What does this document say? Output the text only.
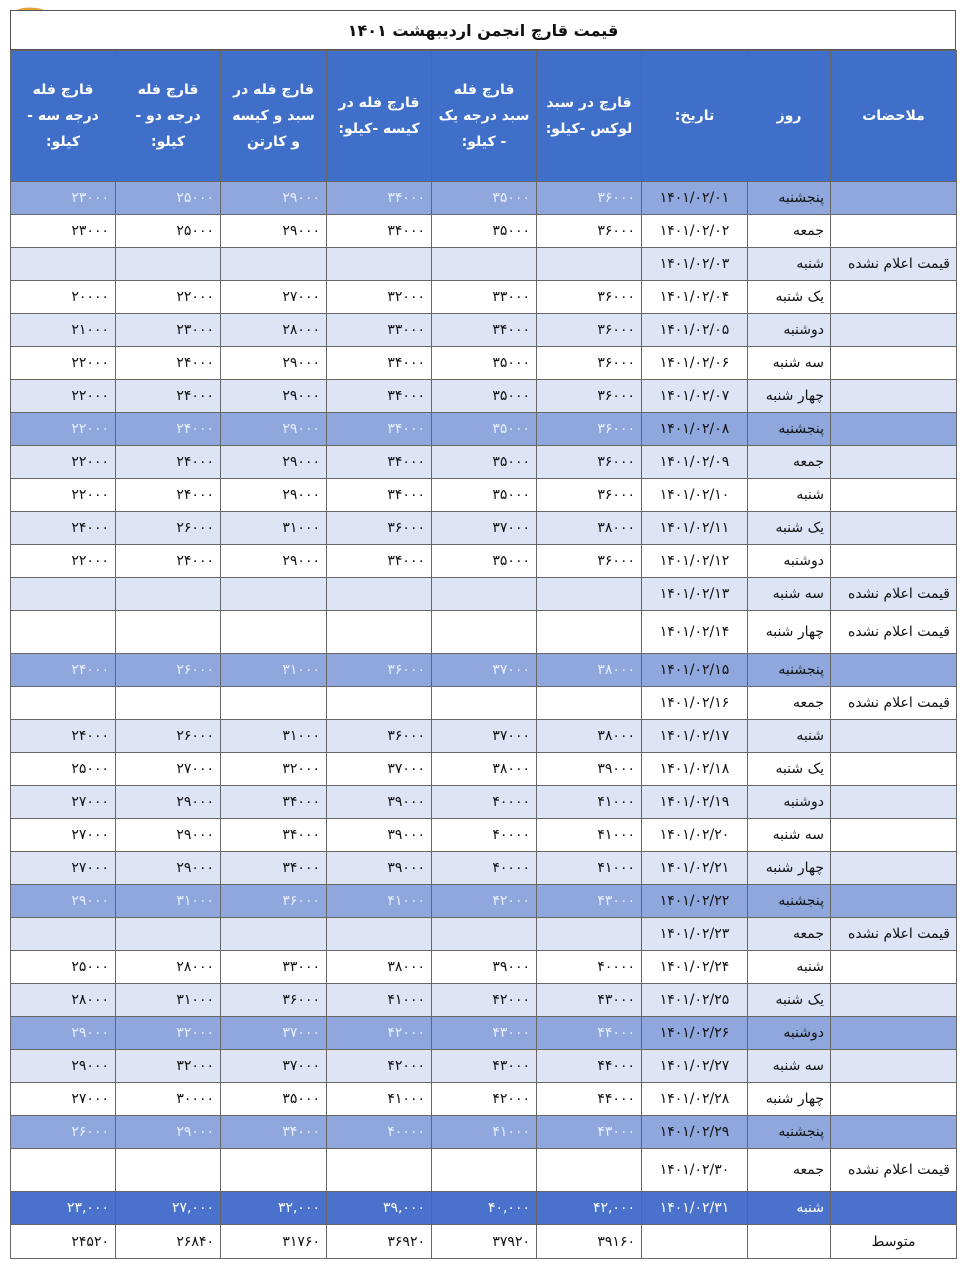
قیمت قارچ انجمن اردیبهشت ۱۴۰۱
ملاحضات	روز	تاریخ:	قارچ در سبد لوکس -کیلو:	قارچ فله سبد درجه یک - کیلو:	قارچ فله در کیسه -کیلو:	قارچ فله در سبد و کیسه و کارتن	قارچ فله درجه دو - کیلو:	قارچ فله درجه سه - کیلو:
	پنجشنبه	۱۴۰۱/۰۲/۰۱	۳۶۰۰۰	۳۵۰۰۰	۳۴۰۰۰	۲۹۰۰۰	۲۵۰۰۰	۲۳۰۰۰
	جمعه	۱۴۰۱/۰۲/۰۲	۳۶۰۰۰	۳۵۰۰۰	۳۴۰۰۰	۲۹۰۰۰	۲۵۰۰۰	۲۳۰۰۰
قیمت اعلام نشده	شنبه	۱۴۰۱/۰۲/۰۳						
	یک شنبه	۱۴۰۱/۰۲/۰۴	۳۶۰۰۰	۳۳۰۰۰	۳۲۰۰۰	۲۷۰۰۰	۲۲۰۰۰	۲۰۰۰۰
	دوشنبه	۱۴۰۱/۰۲/۰۵	۳۶۰۰۰	۳۴۰۰۰	۳۳۰۰۰	۲۸۰۰۰	۲۳۰۰۰	۲۱۰۰۰
	سه شنبه	۱۴۰۱/۰۲/۰۶	۳۶۰۰۰	۳۵۰۰۰	۳۴۰۰۰	۲۹۰۰۰	۲۴۰۰۰	۲۲۰۰۰
	چهار شنبه	۱۴۰۱/۰۲/۰۷	۳۶۰۰۰	۳۵۰۰۰	۳۴۰۰۰	۲۹۰۰۰	۲۴۰۰۰	۲۲۰۰۰
	پنجشنبه	۱۴۰۱/۰۲/۰۸	۳۶۰۰۰	۳۵۰۰۰	۳۴۰۰۰	۲۹۰۰۰	۲۴۰۰۰	۲۲۰۰۰
	جمعه	۱۴۰۱/۰۲/۰۹	۳۶۰۰۰	۳۵۰۰۰	۳۴۰۰۰	۲۹۰۰۰	۲۴۰۰۰	۲۲۰۰۰
	شنبه	۱۴۰۱/۰۲/۱۰	۳۶۰۰۰	۳۵۰۰۰	۳۴۰۰۰	۲۹۰۰۰	۲۴۰۰۰	۲۲۰۰۰
	یک شنبه	۱۴۰۱/۰۲/۱۱	۳۸۰۰۰	۳۷۰۰۰	۳۶۰۰۰	۳۱۰۰۰	۲۶۰۰۰	۲۴۰۰۰
	دوشنبه	۱۴۰۱/۰۲/۱۲	۳۶۰۰۰	۳۵۰۰۰	۳۴۰۰۰	۲۹۰۰۰	۲۴۰۰۰	۲۲۰۰۰
قیمت اعلام نشده	سه شنبه	۱۴۰۱/۰۲/۱۳						
قیمت اعلام نشده	چهار شنبه	۱۴۰۱/۰۲/۱۴						
	پنجشنبه	۱۴۰۱/۰۲/۱۵	۳۸۰۰۰	۳۷۰۰۰	۳۶۰۰۰	۳۱۰۰۰	۲۶۰۰۰	۲۴۰۰۰
قیمت اعلام نشده	جمعه	۱۴۰۱/۰۲/۱۶						
	شنبه	۱۴۰۱/۰۲/۱۷	۳۸۰۰۰	۳۷۰۰۰	۳۶۰۰۰	۳۱۰۰۰	۲۶۰۰۰	۲۴۰۰۰
	یک شنبه	۱۴۰۱/۰۲/۱۸	۳۹۰۰۰	۳۸۰۰۰	۳۷۰۰۰	۳۲۰۰۰	۲۷۰۰۰	۲۵۰۰۰
	دوشنبه	۱۴۰۱/۰۲/۱۹	۴۱۰۰۰	۴۰۰۰۰	۳۹۰۰۰	۳۴۰۰۰	۲۹۰۰۰	۲۷۰۰۰
	سه شنبه	۱۴۰۱/۰۲/۲۰	۴۱۰۰۰	۴۰۰۰۰	۳۹۰۰۰	۳۴۰۰۰	۲۹۰۰۰	۲۷۰۰۰
	چهار شنبه	۱۴۰۱/۰۲/۲۱	۴۱۰۰۰	۴۰۰۰۰	۳۹۰۰۰	۳۴۰۰۰	۲۹۰۰۰	۲۷۰۰۰
	پنجشنبه	۱۴۰۱/۰۲/۲۲	۴۳۰۰۰	۴۲۰۰۰	۴۱۰۰۰	۳۶۰۰۰	۳۱۰۰۰	۲۹۰۰۰
قیمت اعلام نشده	جمعه	۱۴۰۱/۰۲/۲۳						
	شنبه	۱۴۰۱/۰۲/۲۴	۴۰۰۰۰	۳۹۰۰۰	۳۸۰۰۰	۳۳۰۰۰	۲۸۰۰۰	۲۵۰۰۰
	یک شنبه	۱۴۰۱/۰۲/۲۵	۴۳۰۰۰	۴۲۰۰۰	۴۱۰۰۰	۳۶۰۰۰	۳۱۰۰۰	۲۸۰۰۰
	دوشنبه	۱۴۰۱/۰۲/۲۶	۴۴۰۰۰	۴۳۰۰۰	۴۲۰۰۰	۳۷۰۰۰	۳۲۰۰۰	۲۹۰۰۰
	سه شنبه	۱۴۰۱/۰۲/۲۷	۴۴۰۰۰	۴۳۰۰۰	۴۲۰۰۰	۳۷۰۰۰	۳۲۰۰۰	۲۹۰۰۰
	چهار شنبه	۱۴۰۱/۰۲/۲۸	۴۴۰۰۰	۴۲۰۰۰	۴۱۰۰۰	۳۵۰۰۰	۳۰۰۰۰	۲۷۰۰۰
	پنجشنبه	۱۴۰۱/۰۲/۲۹	۴۳۰۰۰	۴۱۰۰۰	۴۰۰۰۰	۳۴۰۰۰	۲۹۰۰۰	۲۶۰۰۰
قیمت اعلام نشده	جمعه	۱۴۰۱/۰۲/۳۰						
	شنبه	۱۴۰۱/۰۲/۳۱	۴۲,۰۰۰	۴۰,۰۰۰	۳۹,۰۰۰	۳۲,۰۰۰	۲۷,۰۰۰	۲۳,۰۰۰
متوسط			۳۹۱۶۰	۳۷۹۲۰	۳۶۹۲۰	۳۱۷۶۰	۲۶۸۴۰	۲۴۵۲۰
